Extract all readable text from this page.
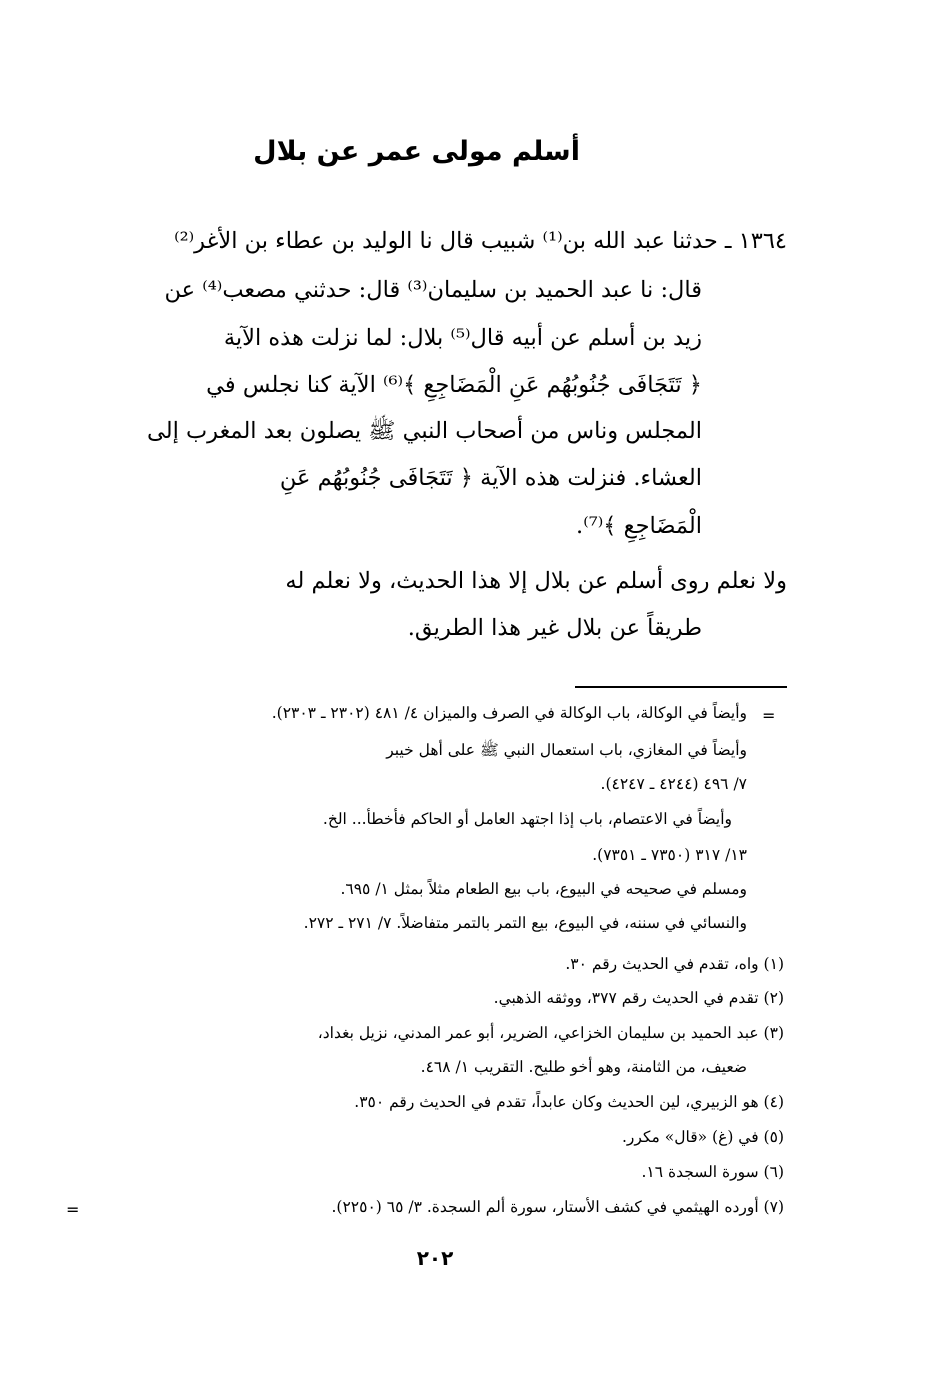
أسلم مولى عمر عن بلال
١٣٦٤ ـ حدثنا عبد الله بن⁽¹⁾ شبيب قال نا الوليد بن عطاء بن الأغر⁽²⁾
قال: نا عبد الحميد بن سليمان⁽³⁾ قال: حدثني مصعب⁽⁴⁾ عن
زيد بن أسلم عن أبيه قال⁽⁵⁾ بلال: لما نزلت هذه الآية
﴿ تَتَجَافَى جُنُوبُهُم عَنِ الْمَضَاجِعِ ﴾⁽⁶⁾ الآية كنا نجلس في
المجلس وناس من أصحاب النبي ﷺ يصلون بعد المغرب إلى
العشاء. فنزلت هذه الآية ﴿ تَتَجَافَى جُنُوبُهُم عَنِ
الْمَضَاجِعِ ﴾⁽⁷⁾.
ولا نعلم روى أسلم عن بلال إلا هذا الحديث، ولا نعلم له
طريقاً عن بلال غير هذا الطريق.
=
وأيضاً في الوكالة، باب الوكالة في الصرف والميزان ٤/ ٤٨١ (٢٣٠٢ ـ ٢٣٠٣).
وأيضاً في المغازي، باب استعمال النبي ﷺ على أهل خيبر
٧/ ٤٩٦ (٤٢٤٤ ـ ٤٢٤٧).
وأيضاً في الاعتصام، باب إذا اجتهد العامل أو الحاكم فأخطأ... الخ.
١٣/ ٣١٧ (٧٣٥٠ ـ ٧٣٥١).
ومسلم في صحيحه في البيوع، باب بيع الطعام مثلاً بمثل ١/ ٦٩٥.
والنسائي في سننه، في البيوع، بيع التمر بالتمر متفاضلاً. ٧/ ٢٧١ ـ ٢٧٢.
(١) واه، تقدم في الحديث رقم ٣٠.
(٢) تقدم في الحديث رقم ٣٧٧، ووثقه الذهبي.
(٣) عبد الحميد بن سليمان الخزاعي، الضرير، أبو عمر المدني، نزيل بغداد،
ضعيف، من الثامنة، وهو أخو طليح. التقريب ١/ ٤٦٨.
(٤) هو الزبيري، لين الحديث وكان عابداً، تقدم في الحديث رقم ٣٥٠.
(٥) في (غ) «قال» مكرر.
(٦) سورة السجدة ١٦.
(٧) أورده الهيثمي في كشف الأستار، سورة ألم السجدة. ٣/ ٦٥ (٢٢٥٠).
=
٢٠٢
